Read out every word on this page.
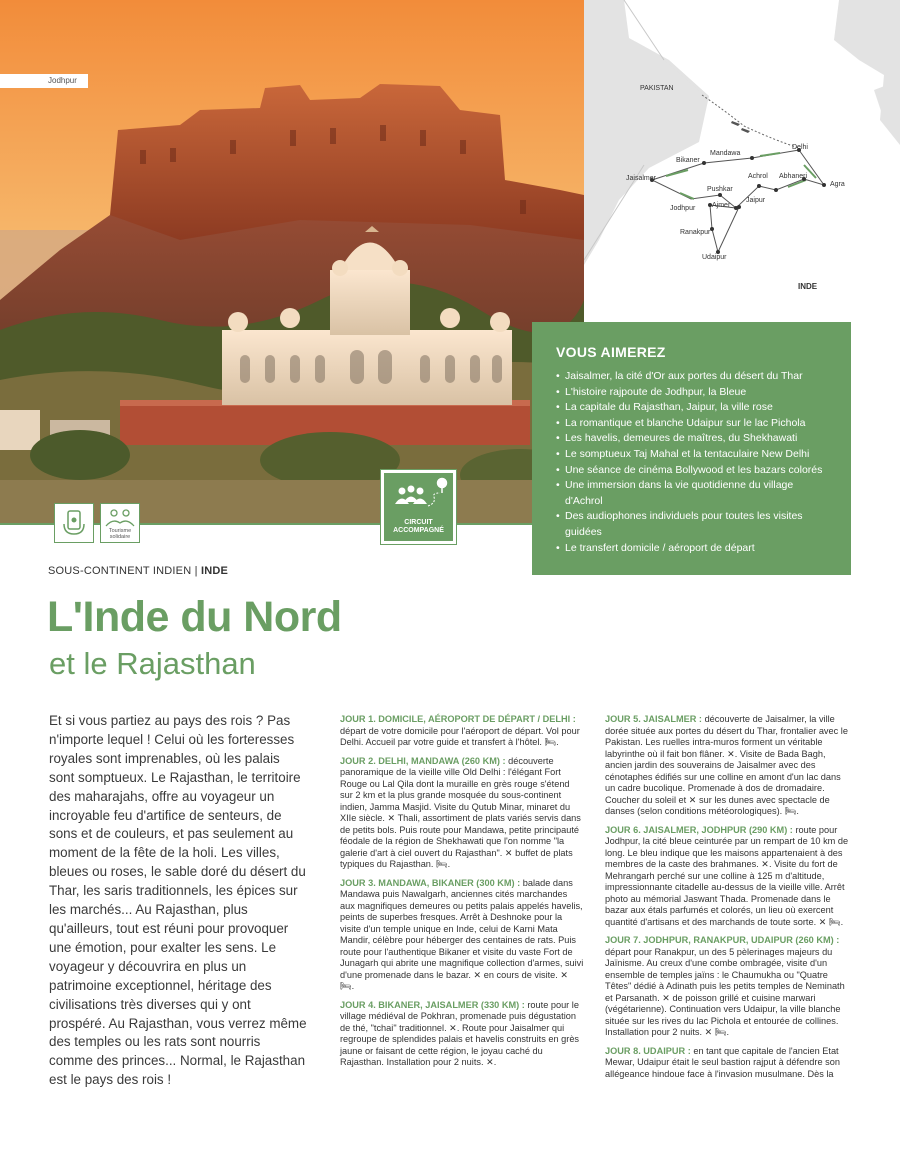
Jodhpur
PAKISTAN
INDE
Delhi
Mandawa
Bikaner
Jaisalmer	Achrol Abhaneri
Agra
Pushkar
Jaipur
Jodhpur Ajmer
Ranakpur
Udaipur
VOUS AIMEREZ
• Jaisalmer, la cité d'Or aux portes du désert du Thar
• L'histoire rajpoute de Jodhpur, la Bleue
• La capitale du Rajasthan, Jaipur, la ville rose
• La romantique et blanche Udaipur sur le lac Pichola
• Les havelis, demeures de maîtres, du Shekhawati
• Le somptueux Taj Mahal et la tentaculaire New Delhi
• Une séance de cinéma Bollywood et les bazars colorés
• Une immersion dans la vie quotidienne du village d'Achrol
• Des audiophones individuels pour toutes les visites guidées
• Le transfert domicile / aéroport de départ
Tourisme solidaire
CIRCUIT
ACCOMPAGNÉ
SOUS-CONTINENT INDIEN | INDE
L'Inde du Nord
et le Rajasthan
Et si vous partiez au pays des rois ? Pas n'importe lequel ! Celui où les forteresses royales sont imprenables, où les palais sont somptueux. Le Rajasthan, le territoire des maharajahs, offre au voyageur un incroyable feu d'artifice de senteurs, de sons et de couleurs, et pas seulement au moment de la fête de la holi. Les villes, bleues ou roses, le sable doré du désert du Thar, les saris traditionnels, les épices sur les marchés... Au Rajasthan, plus qu'ailleurs, tout est réuni pour provoquer une émotion, pour exalter les sens. Le voyageur y découvrira en plus un patrimoine exceptionnel, héritage des civilisations très diverses qui y ont prospéré. Au Rajasthan, vous verrez même des temples ou les rats sont nourris comme des princes... Normal, le Rajasthan est le pays des rois !

JOUR 1. DOMICILE, AÉROPORT DE DÉPART / DELHI : départ de votre domicile pour l'aéroport de départ. Vol pour Delhi. Accueil par votre guide et transfert à l'hôtel. 🛏.

JOUR 2. DELHI, MANDAWA (260 KM) : découverte panoramique de la vieille ville Old Delhi : l'élégant Fort Rouge ou Lal Qila dont la muraille en grès rouge s'étend sur 2 km et la plus grande mosquée du sous-continent indien, Jamma Masjid. Visite du Qutub Minar, minaret du XIIe siècle. ✕ Thali, assortiment de plats variés servis dans de petits bols. Puis route pour Mandawa, petite principauté féodale de la région de Shekhawati que l'on nomme "la galerie d'art à ciel ouvert du Rajasthan". ✕ buffet de plats typiques du Rajasthan. 🛏.

JOUR 3. MANDAWA, BIKANER (300 KM) : balade dans Mandawa puis Nawalgarh, anciennes cités marchandes aux magnifiques demeures ou petits palais appelés havelis, peints de superbes fresques. Arrêt à Deshnoke pour la visite d'un temple unique en Inde, celui de Karni Mata Mandir, célèbre pour héberger des centaines de rats. Puis route pour l'authentique Bikaner et visite du vaste Fort de Junagarh qui abrite une magnifique collection d'armes, suivi d'une promenade dans le bazar. ✕ en cours de visite. ✕ 🛏.

JOUR 4. BIKANER, JAISALMER (330 KM) : route pour le village médiéval de Pokhran, promenade puis dégustation de thé, "tchai" traditionnel. ✕. Route pour Jaisalmer qui regroupe de splendides palais et havelis construits en grès jaune or faisant de cette région, le joyau caché du Rajasthan. Installation pour 2 nuits. ✕.

JOUR 5. JAISALMER : découverte de Jaisalmer, la ville dorée située aux portes du désert du Thar, frontalier avec le Pakistan. Les ruelles intra-muros forment un véritable labyrinthe où il fait bon flâner. ✕. Visite de Bada Bagh, ancien jardin des souverains de Jaisalmer avec des cénotaphes édifiés sur une colline en amont d'un lac dans un cadre bucolique. Promenade à dos de dromadaire. Coucher du soleil et ✕ sur les dunes avec spectacle de danses (selon conditions météorologiques). 🛏.

JOUR 6. JAISALMER, JODHPUR (290 KM) : route pour Jodhpur, la cité bleue ceinturée par un rempart de 10 km de long. Le bleu indique que les maisons appartenaient à des membres de la caste des brahmanes. ✕. Visite du fort de Mehrangarh perché sur une colline à 125 m d'altitude, impressionnante citadelle au-dessus de la vieille ville. Arrêt photo au mémorial Jaswant Thada. Promenade dans le bazar aux étals parfumés et colorés, un lieu où exercent quantité d'artisans et des marchands de toute sorte. ✕ 🛏.

JOUR 7. JODHPUR, RANAKPUR, UDAIPUR (260 KM) : départ pour Ranakpur, un des 5 pèlerinages majeurs du Jaïnisme. Au creux d'une combe ombragée, visite d'un ensemble de temples jaïns : le Chaumukha ou "Quatre Têtes" dédié à Adinath puis les petits temples de Neminath et Parsanath. ✕ de poisson grillé et cuisine marwari (végétarienne). Continuation vers Udaipur, la ville blanche située sur les rives du lac Pichola et entourée de collines. Installation pour 2 nuits. ✕ 🛏.

JOUR 8. UDAIPUR : en tant que capitale de l'ancien Etat Mewar, Udaipur était le seul bastion rajput à défendre son allégeance hindoue face à l'invasion musulmane. Dès la
